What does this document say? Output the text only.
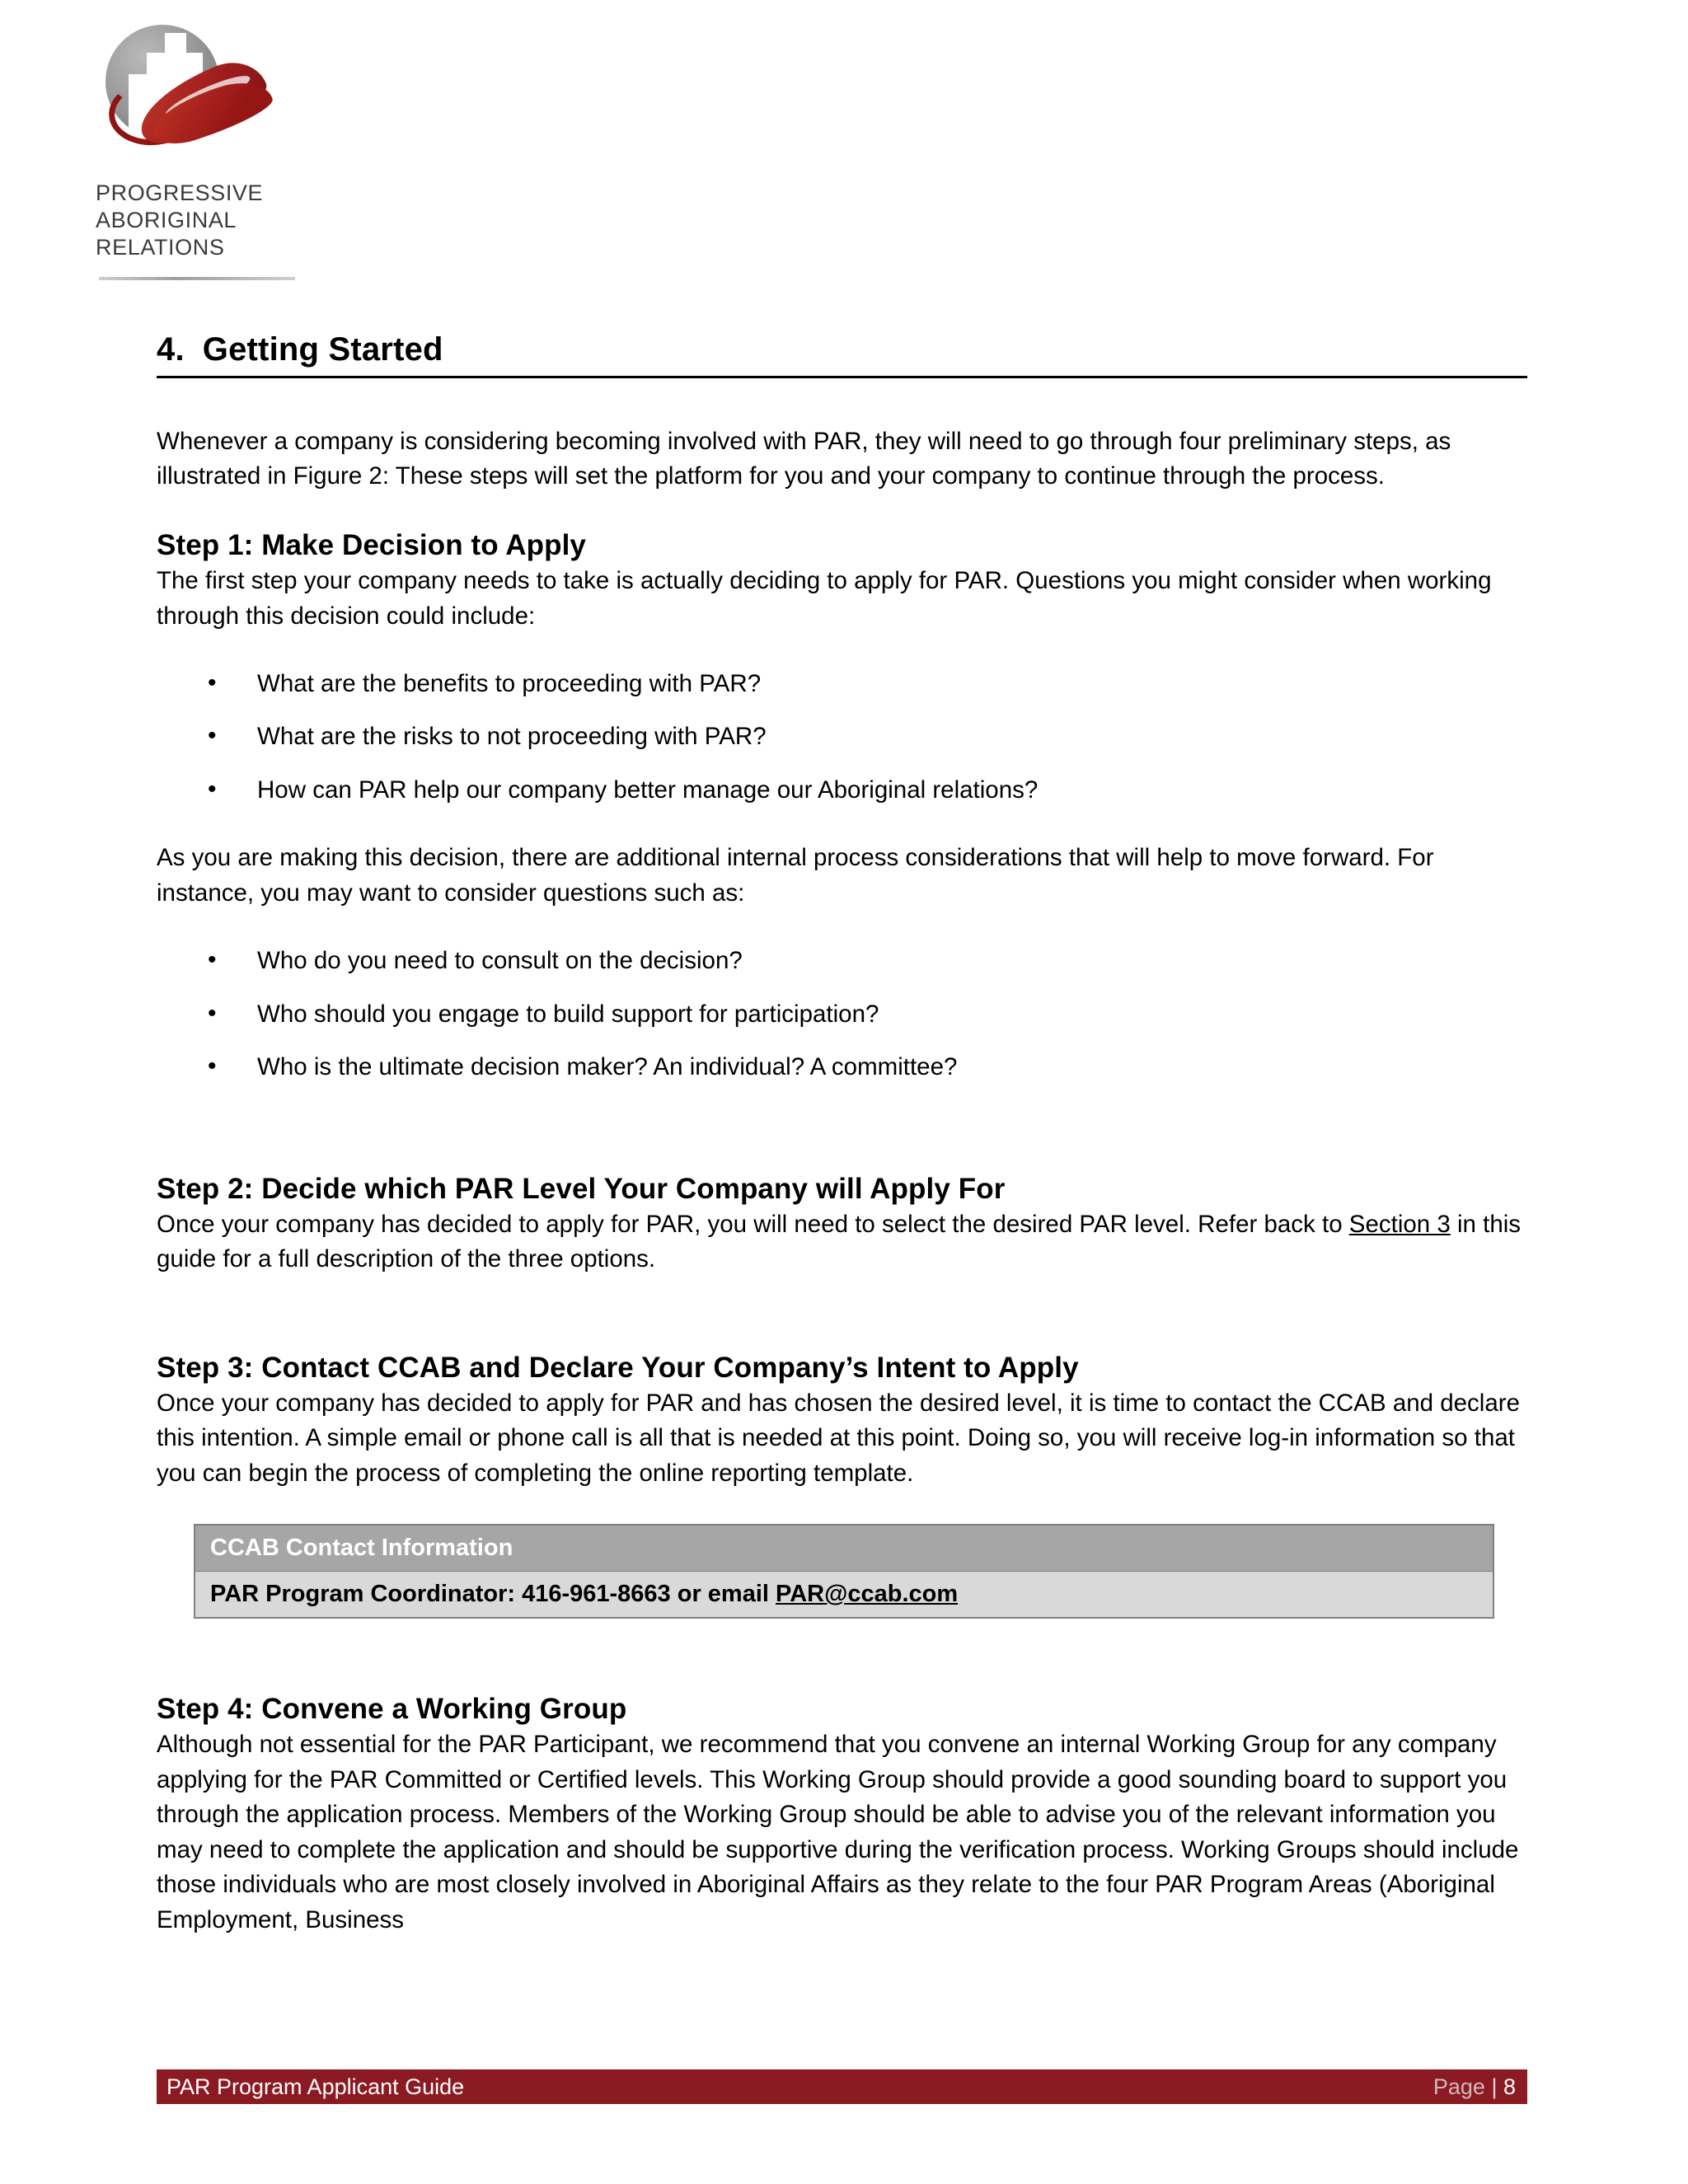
PROGRESSIVE
ABORIGINAL
RELATIONS
4. Getting Started

Whenever a company is considering becoming involved with PAR, they will need to go through four preliminary steps, as illustrated in Figure 2: These steps will set the platform for you and your company to continue through the process.

Step 1: Make Decision to Apply

The first step your company needs to take is actually deciding to apply for PAR. Questions you might consider when working through this decision could include:

• What are the benefits to proceeding with PAR?
• What are the risks to not proceeding with PAR?
• How can PAR help our company better manage our Aboriginal relations?

As you are making this decision, there are additional internal process considerations that will help to move forward. For instance, you may want to consider questions such as:

• Who do you need to consult on the decision?
• Who should you engage to build support for participation?
• Who is the ultimate decision maker? An individual? A committee?
Step 2: Decide which PAR Level Your Company will Apply For

Once your company has decided to apply for PAR, you will need to select the desired PAR level. Refer back to Section 3 in this guide for a full description of the three options.

Step 3: Contact CCAB and Declare Your Company’s Intent to Apply

Once your company has decided to apply for PAR and has chosen the desired level, it is time to contact the CCAB and declare this intention. A simple email or phone call is all that is needed at this point. Doing so, you will receive log-in information so that you can begin the process of completing the online reporting template.

CCAB Contact Information
PAR Program Coordinator: 416-961-8663 or email PAR@ccab.com
Step 4: Convene a Working Group

Although not essential for the PAR Participant, we recommend that you convene an internal Working Group for any company applying for the PAR Committed or Certified levels. This Working Group should provide a good sounding board to support you through the application process. Members of the Working Group should be able to advise you of the relevant information you may need to complete the application and should be supportive during the verification process. Working Groups should include those individuals who are most closely involved in Aboriginal Affairs as they relate to the four PAR Program Areas (Aboriginal Employment, Business

PAR Program Applicant Guide	Page | 8
